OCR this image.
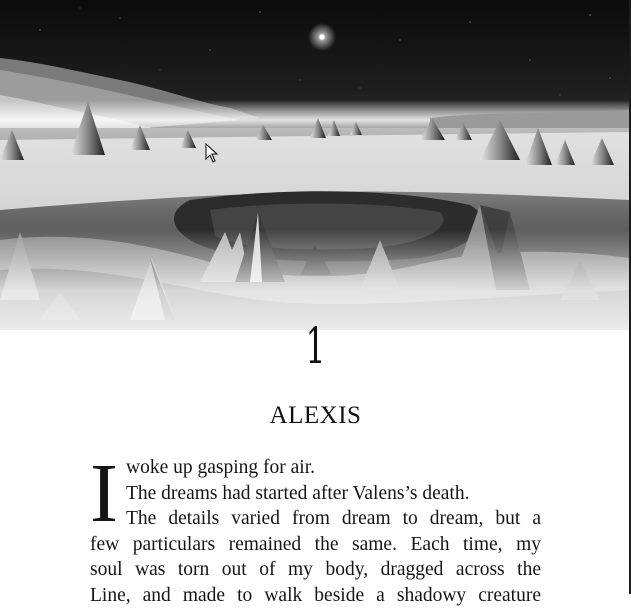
1
ALEXIS
I woke up gasping for air.
The dreams had started after Valens’s death.
The details varied from dream to dream, but a
few particulars remained the same. Each time, my
soul was torn out of my body, dragged across the
Line, and made to walk beside a shadowy creature
